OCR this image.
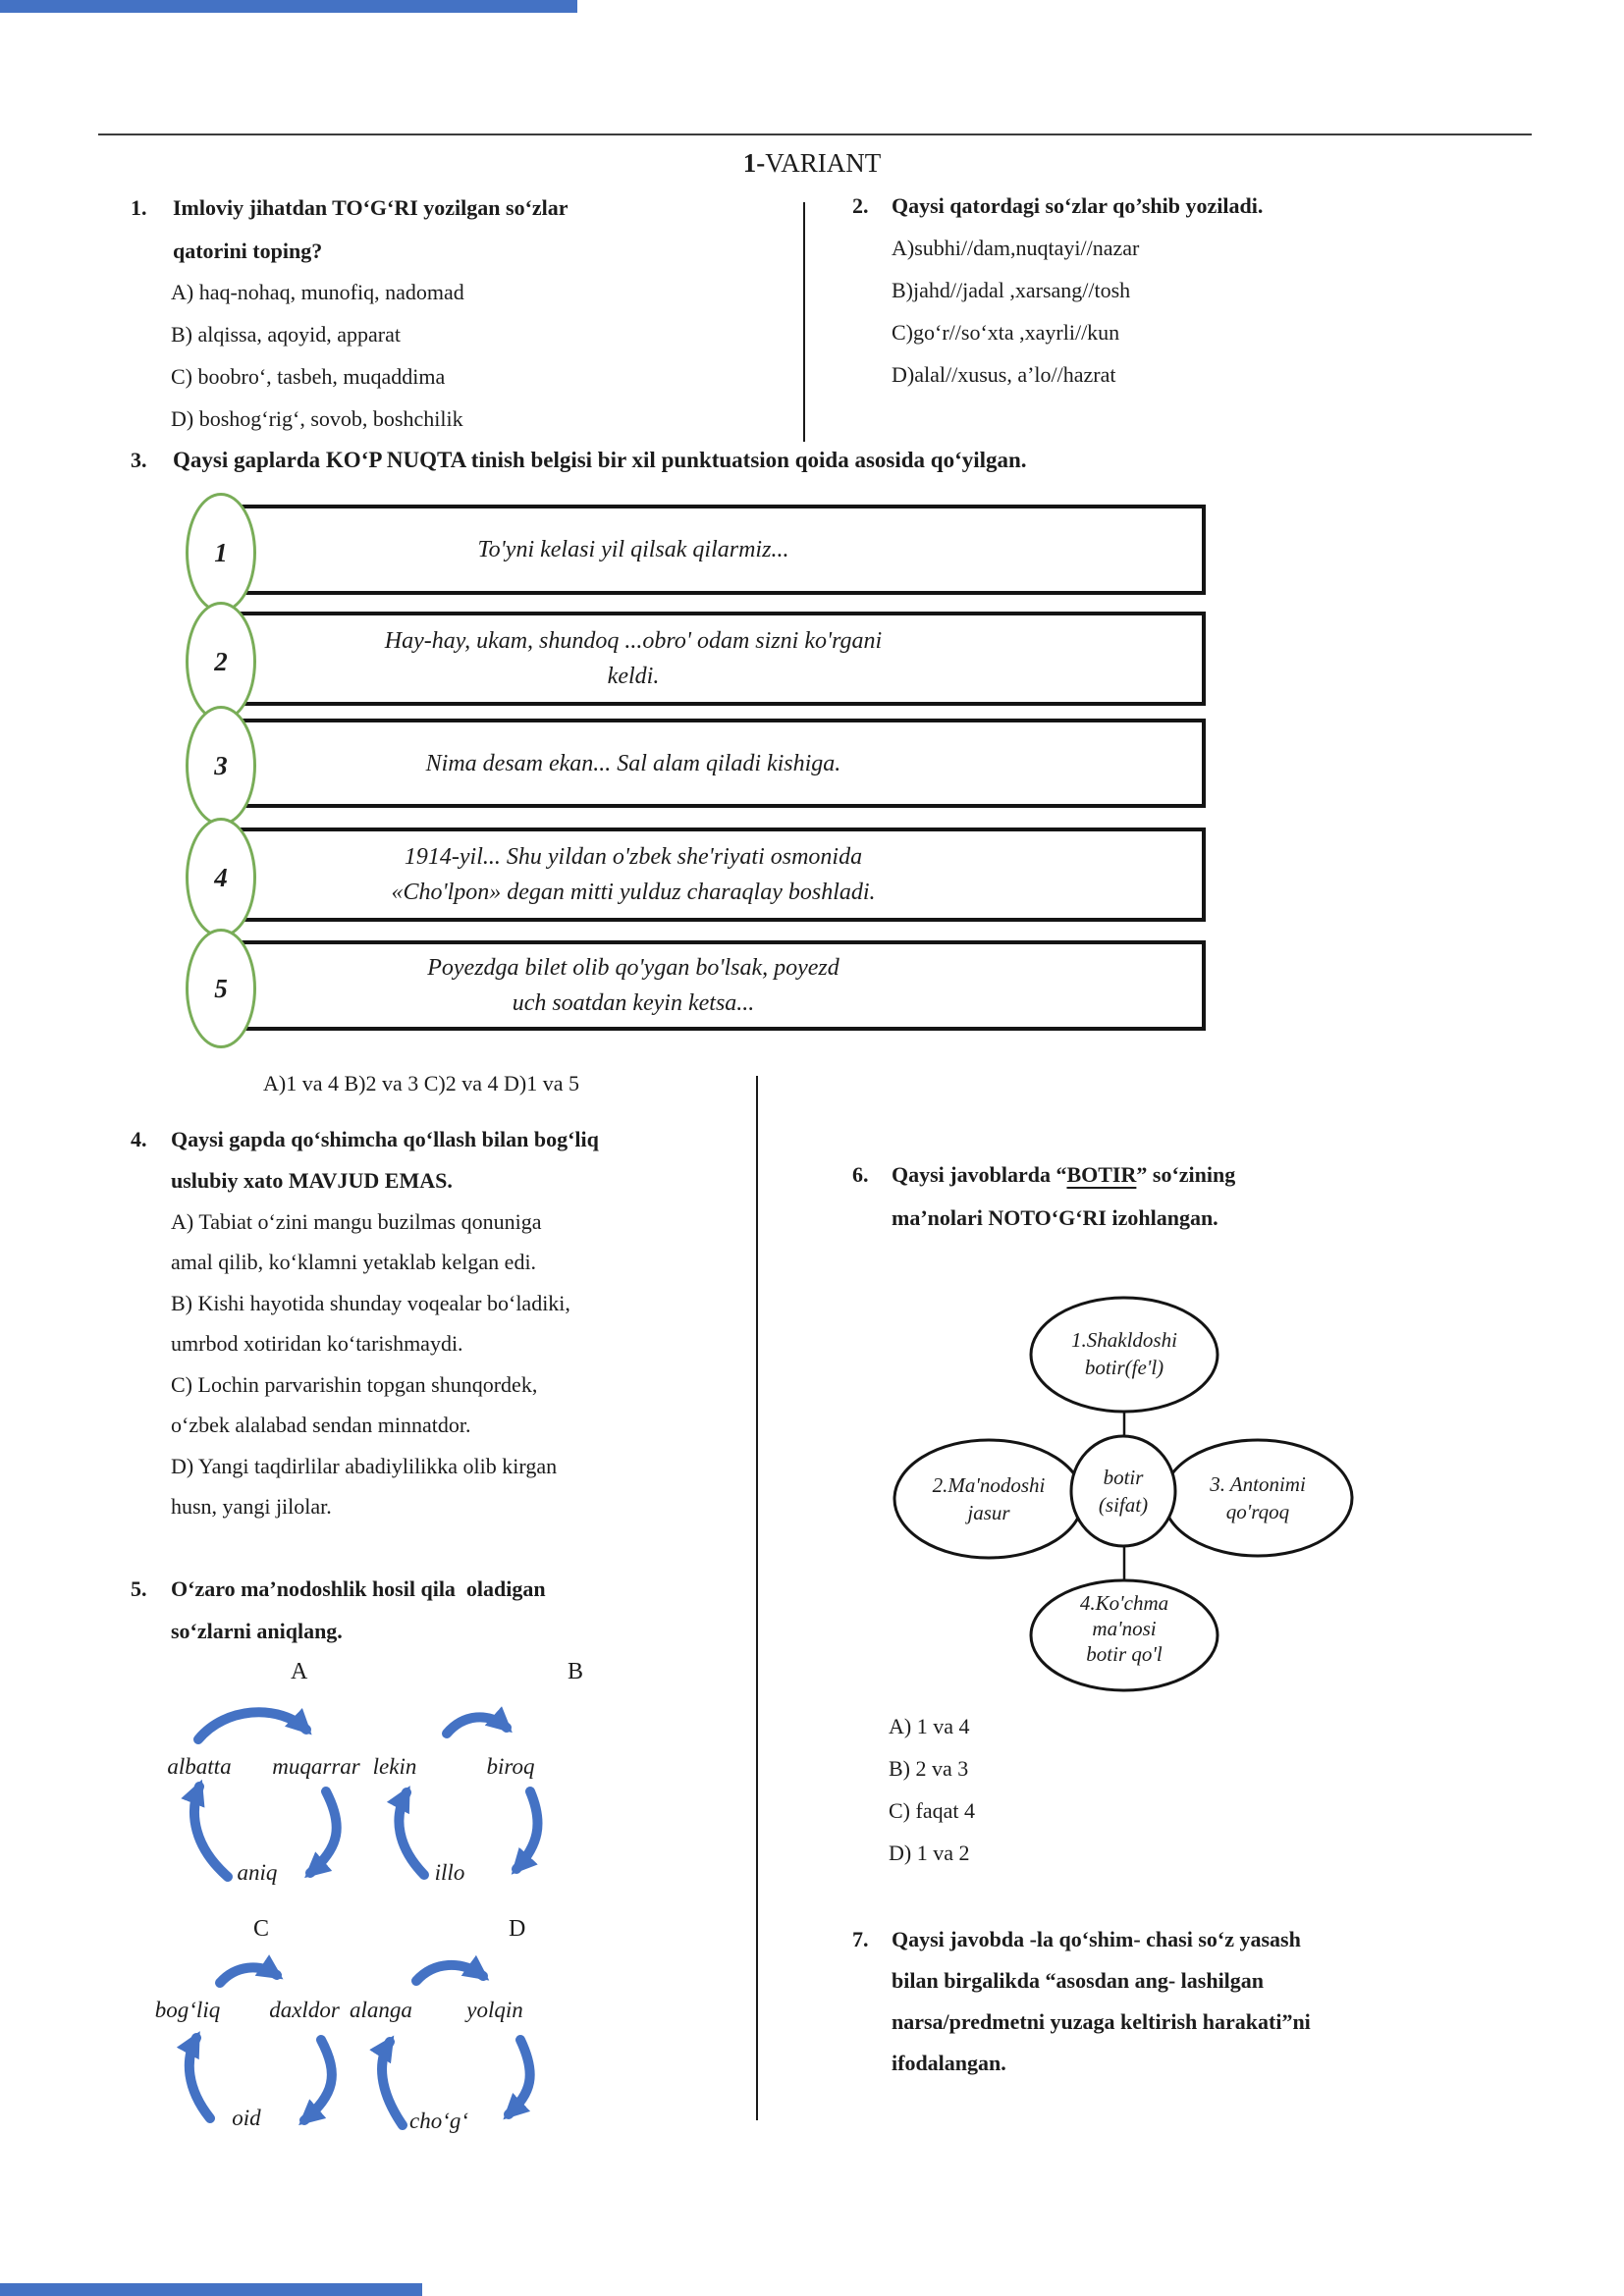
1-VARIANT
1. Imloviy jihatdan TOʻGʻRI yozilgan soʻzlar
qatorini toping?
A) haq-nohaq, munofiq, nadomad
B) alqissa, aqoyid, apparat
C) boobroʻ, tasbeh, muqaddima
D) boshogʻrigʻ, sovob, boshchilik
2. Qaysi qatordagi soʻzlar qo’shib yoziladi.
A)subhi//dam,nuqtayi//nazar
B)jahd//jadal ,xarsang//tosh
C)goʻr//soʻxta ,xayrli//kun
D)alal//xusus, a’lo//hazrat
3. Qaysi gaplarda KOʻP NUQTA tinish belgisi bir xil punktuatsion qoida asosida qoʻyilgan.
To'yni kelasi yil qilsak qilarmiz...
1
Hay-hay, ukam, shundoq ...obro' odam sizni ko'rgani
keldi.
2
Nima desam ekan... Sal alam qiladi kishiga.
3
1914-yil... Shu yildan o'zbek she'riyati osmonida
«Cho'lpon» degan mitti yulduz charaqlay boshladi.
4
Poyezdga bilet olib qo'ygan bo'lsak, poyezd
uch soatdan keyin ketsa...
5
A)1 va 4 B)2 va 3 C)2 va 4 D)1 va 5
4. Qaysi gapda qoʻshimcha qoʻllash bilan bogʻliq
uslubiy xato MAVJUD EMAS.
A) Tabiat oʻzini mangu buzilmas qonuniga
amal qilib, koʻklamni yetaklab kelgan edi.
B) Kishi hayotida shunday voqealar boʻladiki,
umrbod xotiridan koʻtarishmaydi.
C) Lochin parvarishin topgan shunqordek,
oʻzbek alalabad sendan minnatdor.
D) Yangi taqdirlilar abadiylilikka olib kirgan
husn, yangi jilolar.
5. Oʻzaro ma’nodoshlik hosil qila  oladigan
soʻzlarni aniqlang.
A	B
C	D
albatta muqarrar
aniq
lekin	biroq
illo
bogʻliq daxldor
oid
alanga yolqin
choʻgʻ
6. Qaysi javoblarda “BOTIR” soʻzining
ma’nolari NOTOʻGʻRI izohlangan.
1.Shakldoshi
botir(fe'l)
2.Ma'nodoshi
jasur
botir
(sifat)
3. Antonimi
qo'rqoq
4.Ko'chma
ma'nosi
botir qo'l
A) 1 va 4
B) 2 va 3
C) faqat 4
D) 1 va 2
7. Qaysi javobda -la qoʻshim- chasi soʻz yasash
bilan birgalikda “asosdan ang- lashilgan
narsa/predmetni yuzaga keltirish harakati”ni
ifodalangan.
